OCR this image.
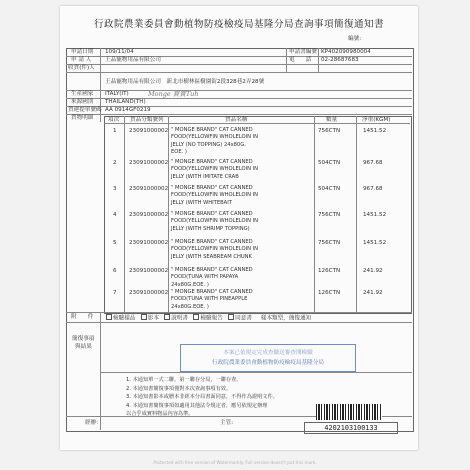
行政院農業委員會動植物防疫檢疫局基隆分局查詢事項簡復通知書
編號:
申請日期 109/11/04	申請書編號 KP402090980004
申 請 人 王品寵物用品有限公司	電　　話 02-28687683
收貨(件)人
王品寵物用品有限公司　新北市樹林區樹園街2段328巷2弄28號
生產國家 ITALY(IT)	Monge 寶寶Tuh
來源國別 THAILAND(TH)
貨運提單號碼 AA 0914GF0219
貨物明細	項次 貨品分類號列	貨品名稱	數量	淨重(KGM)
附　　件	檢驗樣品 影本 說明書 檢驗報告 同意書 樣本類型，簡復通知
簡復事項
與結果
本案已依規定完成查驗送審查閱檢驗
行政院農業委員會動植物防疫檢疫局基隆分局
1. 本通知單一式二聯，第一聯存分局，一聯存查。
2. 本通知書簡復事項僅對本次查詢事項有效。
3. 本通知書影本或謄本非經本分局書面同意，不得作為證明文件。
4. 本通知書簡復事項如適用其他法令規定者，應另依規定辦理
以合乎成實料物品內容為準。
經辦:	主管:
4202103100133
1 23091000002 " MONGE BRAND" CAT CANNED
FOOD(YELLOWFIN WHOLELOIN IN
JELLY (NO TOPPING) 24x80G.
EOE. )
756CTN	1451.52
2 23091000002 " MONGE BRAND" CAT CANNED
FOOD(YELLOWFIN WHOLELOIN IN
JELLY (WITH IMITATE CRAB
504CTN	967.68
3 23091000002 " MONGE BRAND" CAT CANNED
FOOD(YELLOWFIN WHOLELOIN IN
JELLY (WITH WHITEBAIT
504CTN	967.68
4 23091000002 " MONGE BRAND" CAT CANNED
FOOD(YELLOWFIN WHOLELOIN IN
JELLY (WITH SHRIMP TOPPING)
756CTN	1451.52
5 23091000002 " MONGE BRAND" CAT CANNED
FOOD(YELLOWFIN WHOLELOIN IN
JELLY (WITH SEABREAM CHUNK
756CTN	1451.52
6 23091000002 " MONGE BRAND" CAT CANNED
FOOD(TUNA WITH PAPAYA
24x80G.EOE. )
126CTN	241.92
7 23091000002 " MONGE BRAND" CAT CANNED
FOOD(TUNA WITH PINEAPPLE
24x80G.EOE. )
126CTN	241.92
Protected with free version of Watermarkly. Full version doesn't put this mark.
